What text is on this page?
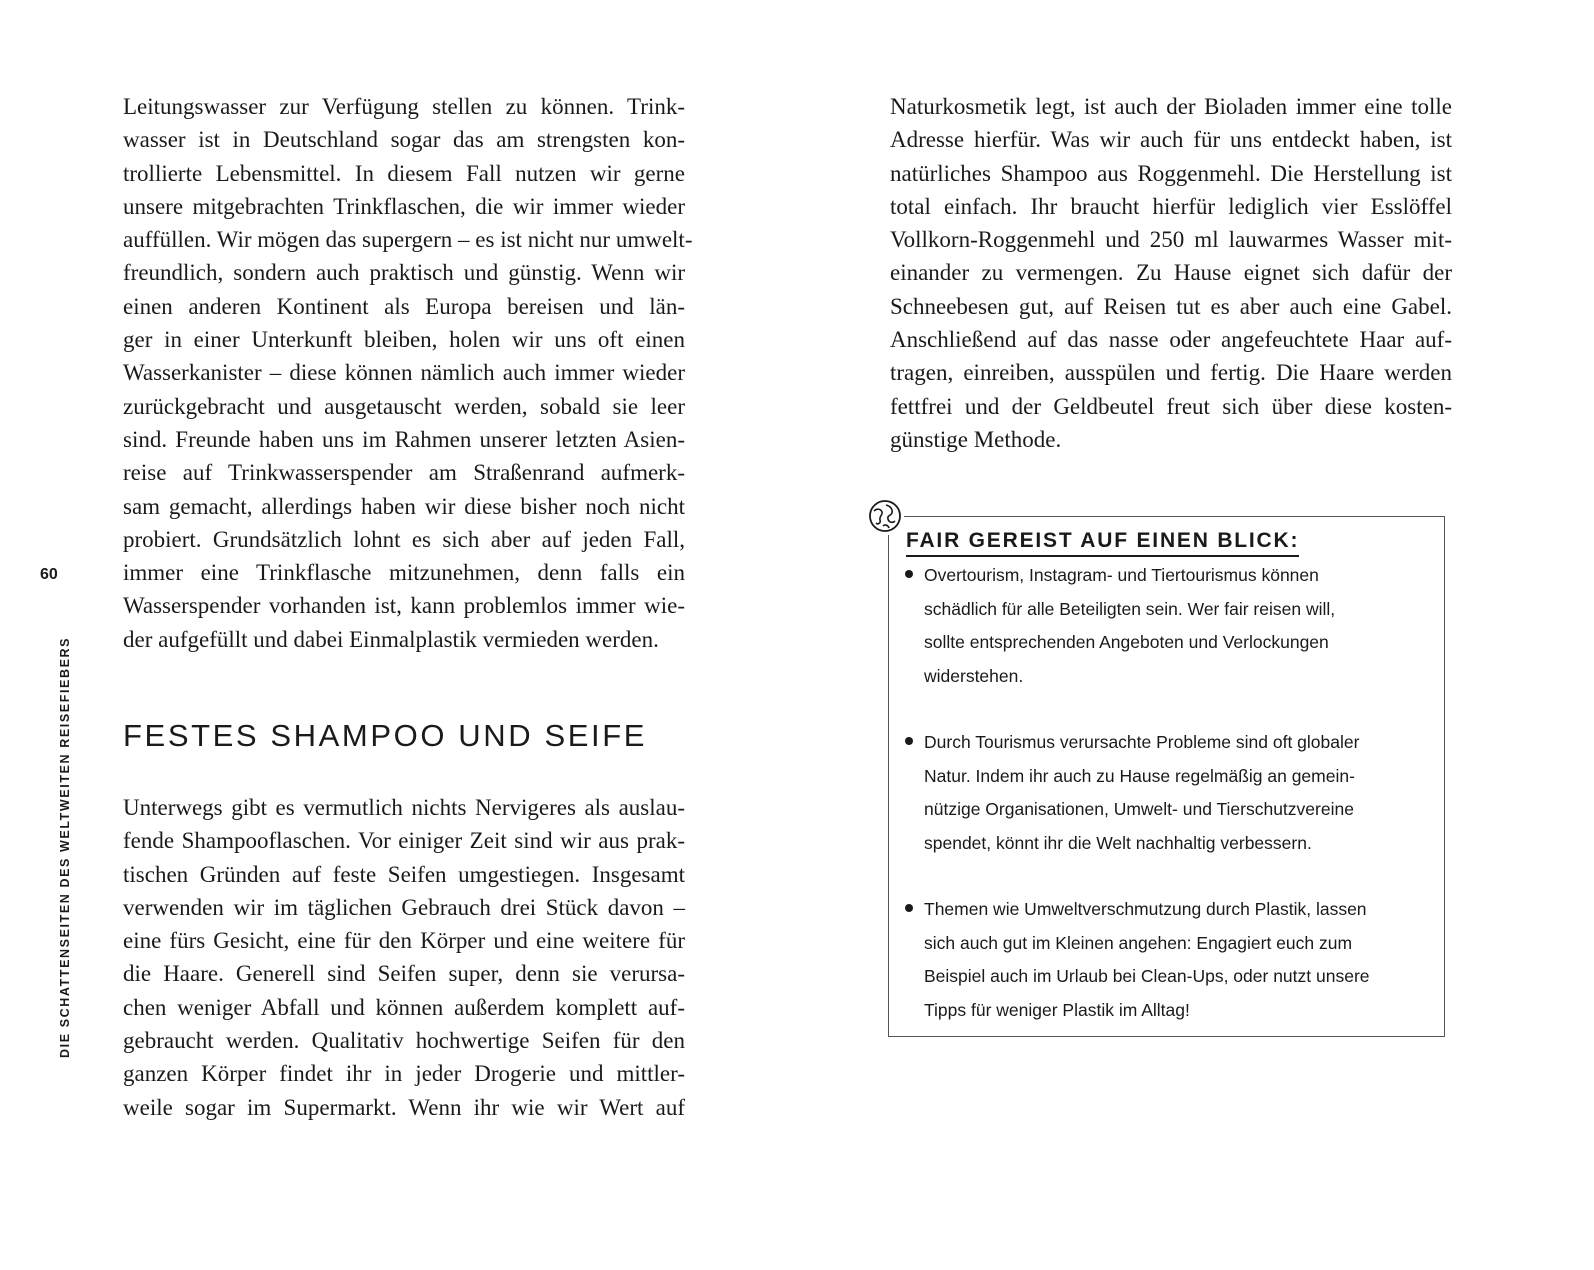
60
DIE SCHATTENSEITEN DES WELTWEITEN REISEFIEBERS

Leitungswasser zur Verfügung stellen zu können. Trink-

wasser ist in Deutschland sogar das am strengsten kon-

trollierte Lebensmittel. In diesem Fall nutzen wir gerne

unsere mitgebrachten Trinkflaschen, die wir immer wieder

auffüllen. Wir mögen das supergern – es ist nicht nur umwelt-

freundlich, sondern auch praktisch und günstig. Wenn wir

einen anderen Kontinent als Europa bereisen und län-

ger in einer Unterkunft bleiben, holen wir uns oft einen

Wasserkanister – diese können nämlich auch immer wieder

zurückgebracht und ausgetauscht werden, sobald sie leer

sind. Freunde haben uns im Rahmen unserer letzten Asien-

reise auf Trinkwasserspender am Straßenrand aufmerk-

sam gemacht, allerdings haben wir diese bisher noch nicht

probiert. Grundsätzlich lohnt es sich aber auf jeden Fall,

immer eine Trinkflasche mitzunehmen, denn falls ein

Wasserspender vorhanden ist, kann problemlos immer wie-

der aufgefüllt und dabei Einmalplastik vermieden werden.

FESTES SHAMPOO UND SEIFE

Unterwegs gibt es vermutlich nichts Nervigeres als auslau-

fende Shampooflaschen. Vor einiger Zeit sind wir aus prak-

tischen Gründen auf feste Seifen umgestiegen. Insgesamt

verwenden wir im täglichen Gebrauch drei Stück davon –

eine fürs Gesicht, eine für den Körper und eine weitere für

die Haare. Generell sind Seifen super, denn sie verursa-

chen weniger Abfall und können außerdem komplett auf-

gebraucht werden. Qualitativ hochwertige Seifen für den

ganzen Körper findet ihr in jeder Drogerie und mittler-

weile sogar im Supermarkt. Wenn ihr wie wir Wert auf

Naturkosmetik legt, ist auch der Bioladen immer eine tolle

Adresse hierfür. Was wir auch für uns entdeckt haben, ist

natürliches Shampoo aus Roggenmehl. Die Herstellung ist

total einfach. Ihr braucht hierfür lediglich vier Esslöffel

Vollkorn-Roggenmehl und 250 ml lauwarmes Wasser mit-

einander zu vermengen. Zu Hause eignet sich dafür der

Schneebesen gut, auf Reisen tut es aber auch eine Gabel.

Anschließend auf das nasse oder angefeuchtete Haar auf-

tragen, einreiben, ausspülen und fertig. Die Haare werden

fettfrei und der Geldbeutel freut sich über diese kosten-

günstige Methode.

FAIR GEREIST AUF EINEN BLICK:

Overtourism, Instagram- und Tiertourismus können

schädlich für alle Beteiligten sein. Wer fair reisen will,

sollte entsprechenden Angeboten und Verlockungen

widerstehen.

Durch Tourismus verursachte Probleme sind oft globaler

Natur. Indem ihr auch zu Hause regelmäßig an gemein-

nützige Organisationen, Umwelt- und Tierschutzvereine

spendet, könnt ihr die Welt nachhaltig verbessern.

Themen wie Umweltverschmutzung durch Plastik, lassen

sich auch gut im Kleinen angehen: Engagiert euch zum

Beispiel auch im Urlaub bei Clean-Ups, oder nutzt unsere

Tipps für weniger Plastik im Alltag!
